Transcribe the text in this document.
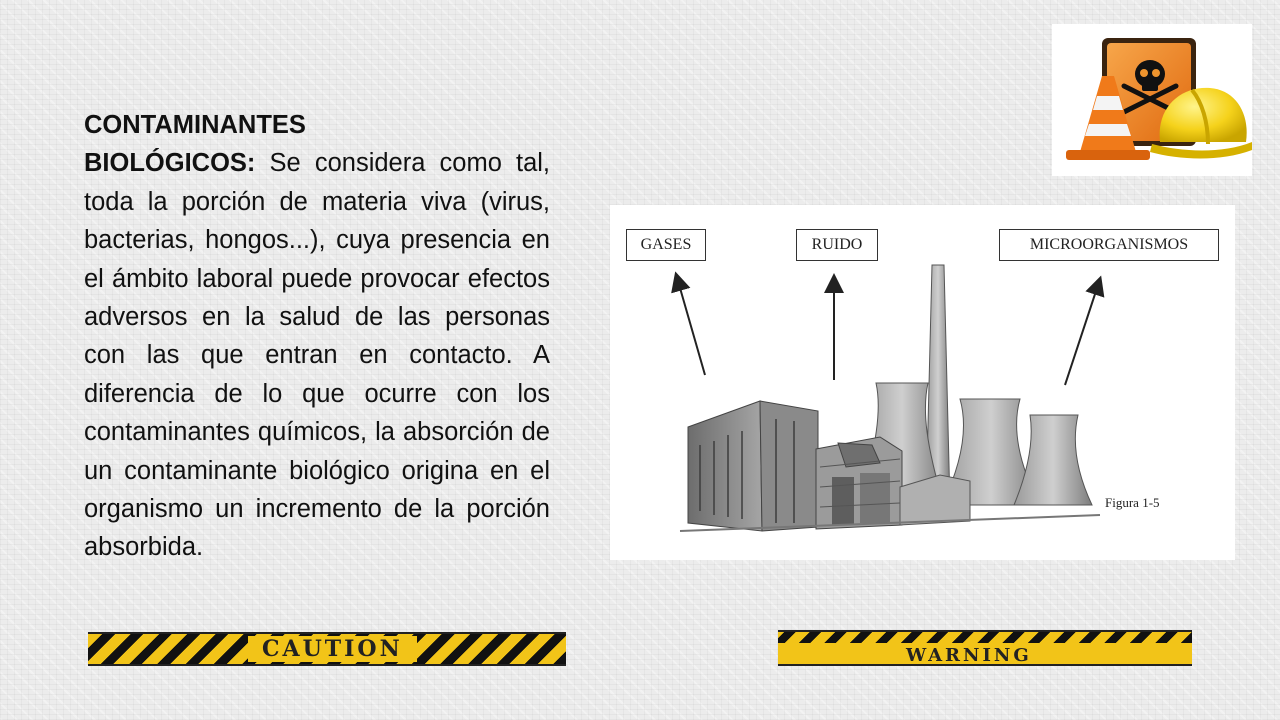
CONTAMINANTES
BIOLÓGICOS: Se considera como tal, toda la porción de materia viva (virus, bacterias, hongos...), cuya presencia en el ámbito laboral puede provocar efectos adversos en la salud de las personas con las que entran en contacto. A diferencia de lo que ocurre con los contaminantes químicos, la absorción de un contaminante biológico origina en el organismo un incremento de la porción absorbida.
GASES	RUIDO	MICROORGANISMOS
Figura 1-5
CAUTION	WARNING
